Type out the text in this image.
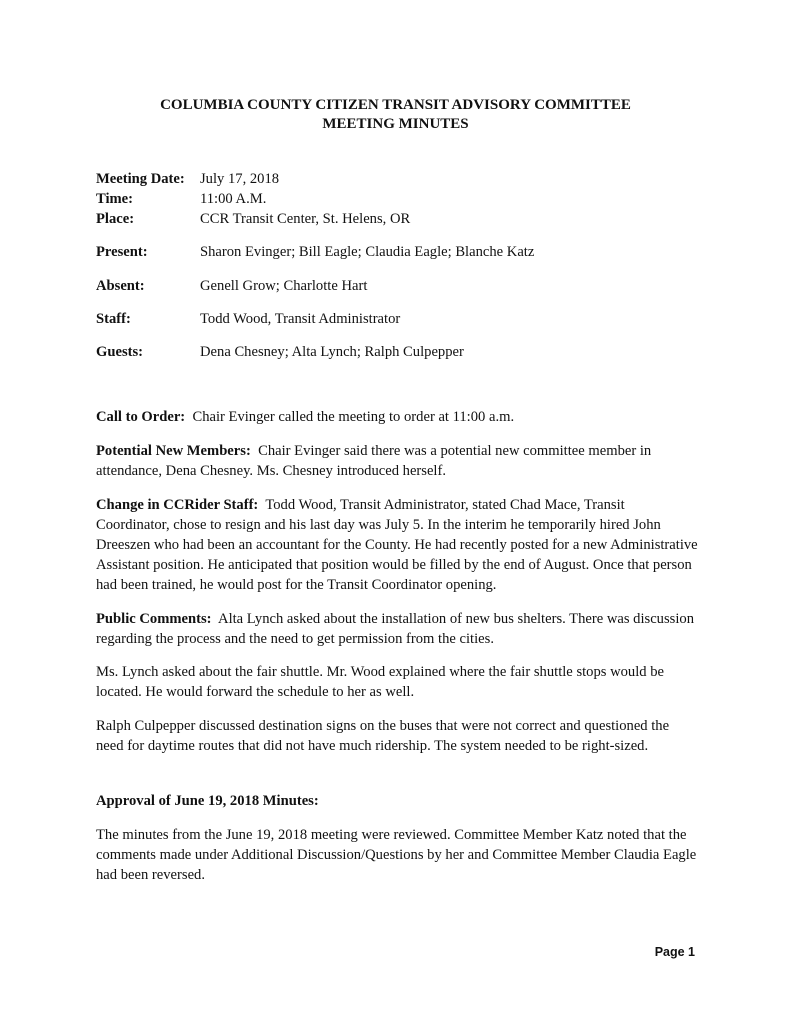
COLUMBIA COUNTY CITIZEN TRANSIT ADVISORY COMMITTEE
MEETING MINUTES
Meeting Date: July 17, 2018
Time:	11:00 A.M.
Place:	CCR Transit Center, St. Helens, OR
Present:	Sharon Evinger; Bill Eagle; Claudia Eagle; Blanche Katz
Absent:	Genell Grow; Charlotte Hart
Staff:	Todd Wood, Transit Administrator
Guests:	Dena Chesney; Alta Lynch; Ralph Culpepper
Call to Order: Chair Evinger called the meeting to order at 11:00 a.m.
Potential New Members: Chair Evinger said there was a potential new committee member in attendance, Dena Chesney. Ms. Chesney introduced herself.
Change in CCRider Staff: Todd Wood, Transit Administrator, stated Chad Mace, Transit Coordinator, chose to resign and his last day was July 5. In the interim he temporarily hired John Dreeszen who had been an accountant for the County. He had recently posted for a new Administrative Assistant position. He anticipated that position would be filled by the end of August. Once that person had been trained, he would post for the Transit Coordinator opening.
Public Comments: Alta Lynch asked about the installation of new bus shelters. There was discussion regarding the process and the need to get permission from the cities.
Ms. Lynch asked about the fair shuttle. Mr. Wood explained where the fair shuttle stops would be located. He would forward the schedule to her as well.
Ralph Culpepper discussed destination signs on the buses that were not correct and questioned the need for daytime routes that did not have much ridership. The system needed to be right-sized.
Approval of June 19, 2018 Minutes:
The minutes from the June 19, 2018 meeting were reviewed. Committee Member Katz noted that the comments made under Additional Discussion/Questions by her and Committee Member Claudia Eagle had been reversed.
Page 1
